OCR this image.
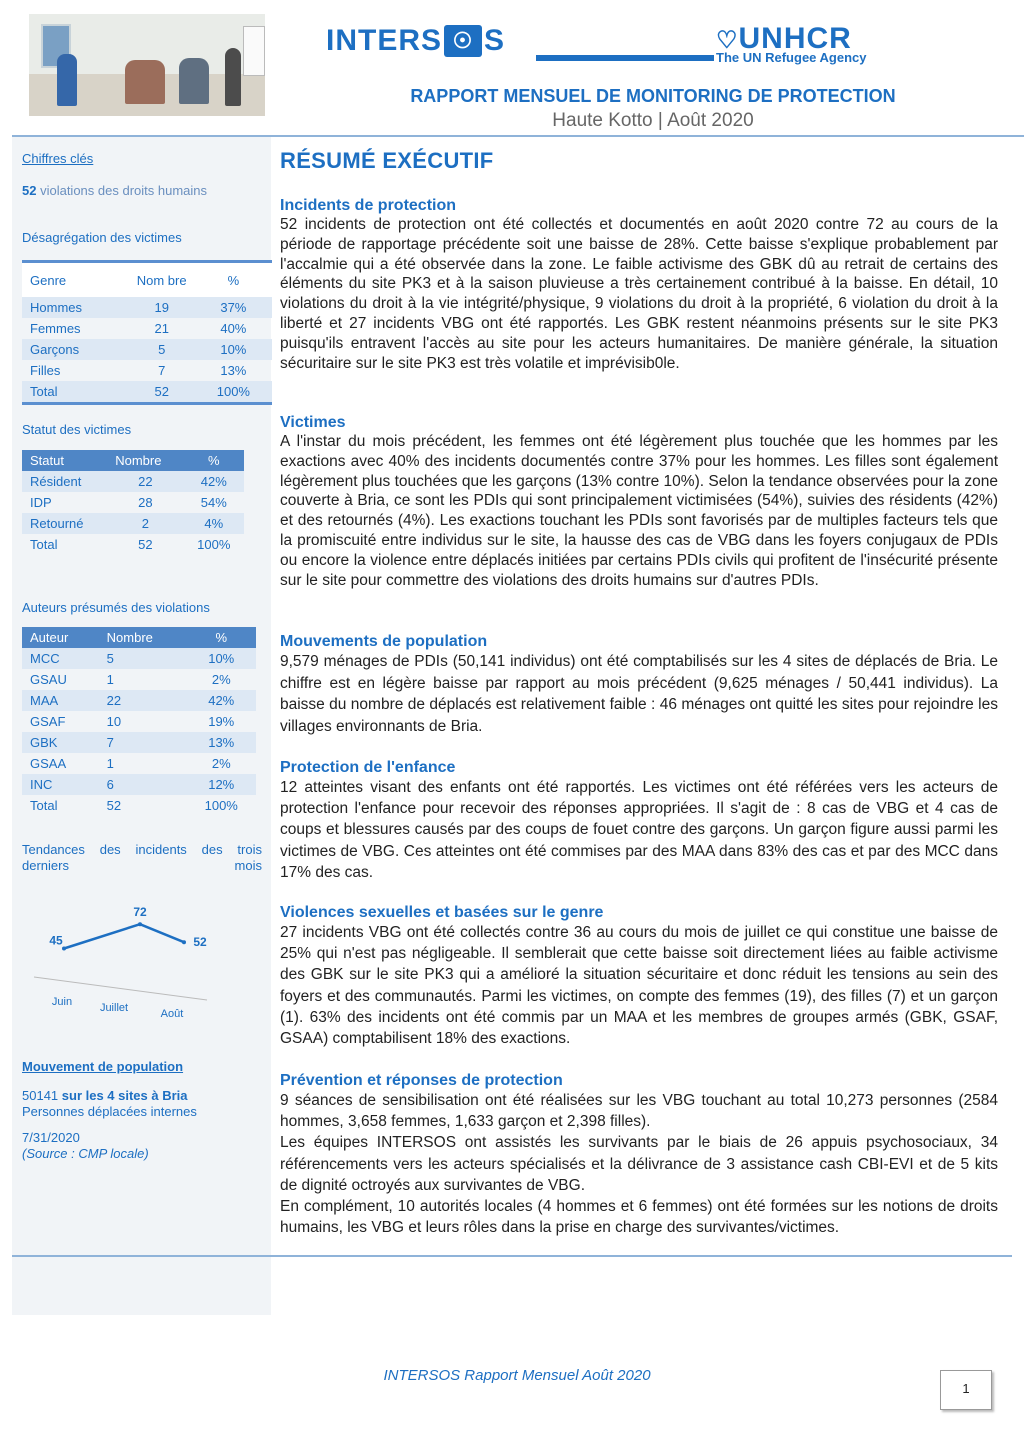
INTERS ☉ S	♡UNHCR
The UN Refugee Agency
RAPPORT MENSUEL DE MONITORING DE PROTECTION
Haute Kotto | Août 2020
Chiffres clés
52 violations des droits humains
Désagrégation des victimes
Genre	Nom bre	%
Hommes	19	37%
Femmes	21	40%
Garçons	5	10%
Filles	7	13%
Total	52	100%
Statut des victimes
Statut	Nombre	%
Résident	22	42%
IDP	28	54%
Retourné	2	4%
Total	52	100%
Auteurs présumés des violations
Auteur	Nombre	%
MCC	5	10%
GSAU	1	2%
MAA	22	42%
GSAF	10	19%
GBK	7	13%
GSAA	1	2%
INC	6	12%
Total	52	100%
Tendances des incidents des trois derniers mois
45
72
52
Juin	Juillet	Août
Mouvement de population
50141 sur les 4 sites à Bria
Personnes déplacées internes
7/31/2020
(Source : CMP locale)
RÉSUMÉ EXÉCUTIF
Incidents de protection

52 incidents de protection ont été collectés et documentés en août 2020 contre 72 au cours de la période de rapportage précédente soit une baisse de 28%. Cette baisse s'explique probablement par l'accalmie qui a été observée dans la zone. Le faible activisme des GBK dû au retrait de certains des éléments du site PK3 et à la saison pluvieuse a très certainement contribué à la baisse. En détail, 10 violations du droit à la vie intégrité/physique, 9 violations du droit à la propriété, 6 violation du droit à la liberté et 27 incidents VBG ont été rapportés. Les GBK restent néanmoins présents sur le site PK3 puisqu'ils entravent l'accès au site pour les acteurs humanitaires. De manière générale, la situation sécuritaire sur le site PK3 est très volatile et imprévisib0le.

Victimes

A l'instar du mois précédent, les femmes ont été légèrement plus touchée que les hommes par les exactions avec 40% des incidents documentés contre 37% pour les hommes. Les filles sont également légèrement plus touchées que les garçons (13% contre 10%). Selon la tendance observées pour la zone couverte à Bria, ce sont les PDIs qui sont principalement victimisées (54%), suivies des résidents (42%) et des retournés (4%). Les exactions touchant les PDIs sont favorisés par de multiples facteurs tels que la promiscuité entre individus sur le site, la hausse des cas de VBG dans les foyers conjugaux de PDIs ou encore la violence entre déplacés initiées par certains PDIs civils qui profitent de l'insécurité présente sur le site pour commettre des violations des droits humains sur d'autres PDIs.

Mouvements de population

9,579 ménages de PDIs (50,141 individus) ont été comptabilisés sur les 4 sites de déplacés de Bria. Le chiffre est en légère baisse par rapport au mois précédent (9,625 ménages / 50,441 individus). La baisse du nombre de déplacés est relativement faible : 46 ménages ont quitté les sites pour rejoindre les villages environnants de Bria.

Protection de l'enfance

12 atteintes visant des enfants ont été rapportés. Les victimes ont été référées vers les acteurs de protection l'enfance pour recevoir des réponses appropriées. Il s'agit de : 8 cas de VBG et 4 cas de coups et blessures causés par des coups de fouet contre des garçons. Un garçon figure aussi parmi les victimes de VBG. Ces atteintes ont été commises par des MAA dans 83% des cas et par des MCC dans 17% des cas.

Violences sexuelles et basées sur le genre

27 incidents VBG ont été collectés contre 36 au cours du mois de juillet ce qui constitue une baisse de 25% qui n'est pas négligeable. Il semblerait que cette baisse soit directement liées au faible activisme des GBK sur le site PK3 qui a amélioré la situation sécuritaire et donc réduit les tensions au sein des foyers et des communautés. Parmi les victimes, on compte des femmes (19), des filles (7) et un garçon (1). 63% des incidents ont été commis par un MAA et les membres de groupes armés (GBK, GSAF, GSAA) comptabilisent 18% des exactions.

Prévention et réponses de protection

9 séances de sensibilisation ont été réalisées sur les VBG touchant au total 10,273 personnes (2584 hommes, 3,658 femmes, 1,633 garçon et 2,398 filles).

Les équipes INTERSOS ont assistés les survivants par le biais de 26 appuis psychosociaux, 34 référencements vers les acteurs spécialisés et la délivrance de 3 assistance cash CBI-EVI et de 5 kits de dignité octroyés aux survivantes de VBG.

En complément, 10 autorités locales (4 hommes et 6 femmes) ont été formées sur les notions de droits humains, les VBG et leurs rôles dans la prise en charge des survivantes/victimes.

INTERSOS Rapport Mensuel Août 2020
1
